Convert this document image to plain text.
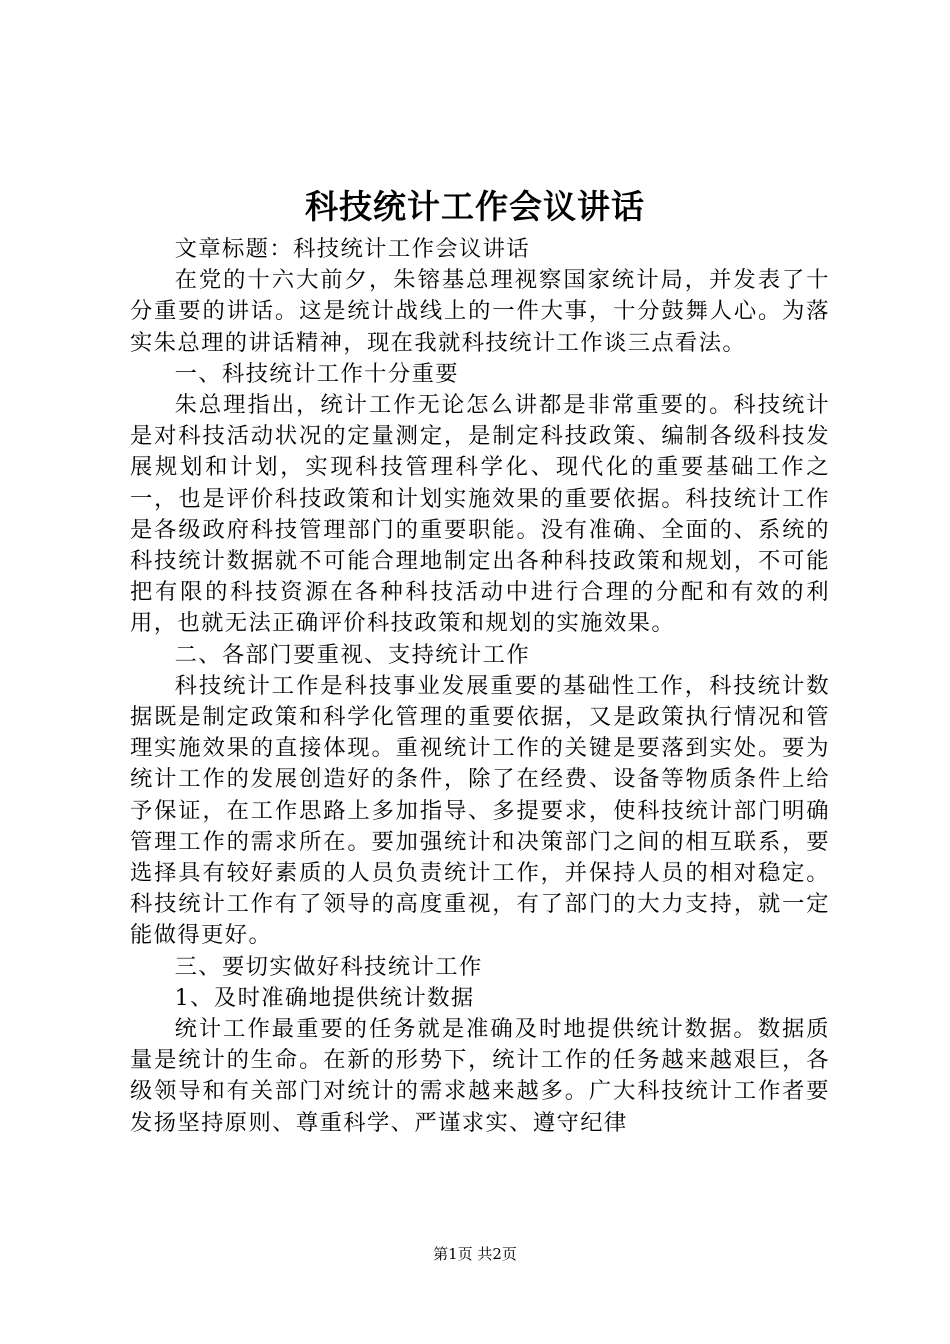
科技统计工作会议讲话

文章标题：科技统计工作会议讲话

在党的十六大前夕，朱镕基总理视察国家统计局，并发表了十分重要的讲话。这是统计战线上的一件大事，十分鼓舞人心。为落实朱总理的讲话精神，现在我就科技统计工作谈三点看法。

一、科技统计工作十分重要

朱总理指出，统计工作无论怎么讲都是非常重要的。科技统计是对科技活动状况的定量测定，是制定科技政策、编制各级科技发展规划和计划，实现科技管理科学化、现代化的重要基础工作之一，也是评价科技政策和计划实施效果的重要依据。科技统计工作是各级政府科技管理部门的重要职能。没有准确、全面的、系统的科技统计数据就不可能合理地制定出各种科技政策和规划，不可能把有限的科技资源在各种科技活动中进行合理的分配和有效的利用，也就无法正确评价科技政策和规划的实施效果。

二、各部门要重视、支持统计工作

科技统计工作是科技事业发展重要的基础性工作，科技统计数据既是制定政策和科学化管理的重要依据，又是政策执行情况和管理实施效果的直接体现。重视统计工作的关键是要落到实处。要为统计工作的发展创造好的条件，除了在经费、设备等物质条件上给予保证，在工作思路上多加指导、多提要求，使科技统计部门明确管理工作的需求所在。要加强统计和决策部门之间的相互联系，要选择具有较好素质的人员负责统计工作，并保持人员的相对稳定。科技统计工作有了领导的高度重视，有了部门的大力支持，就一定能做得更好。

三、要切实做好科技统计工作

1、及时准确地提供统计数据

统计工作最重要的任务就是准确及时地提供统计数据。数据质量是统计的生命。在新的形势下，统计工作的任务越来越艰巨，各级领导和有关部门对统计的需求越来越多。广大科技统计工作者要发扬坚持原则、尊重科学、严谨求实、遵守纪律

第1页 共2页
